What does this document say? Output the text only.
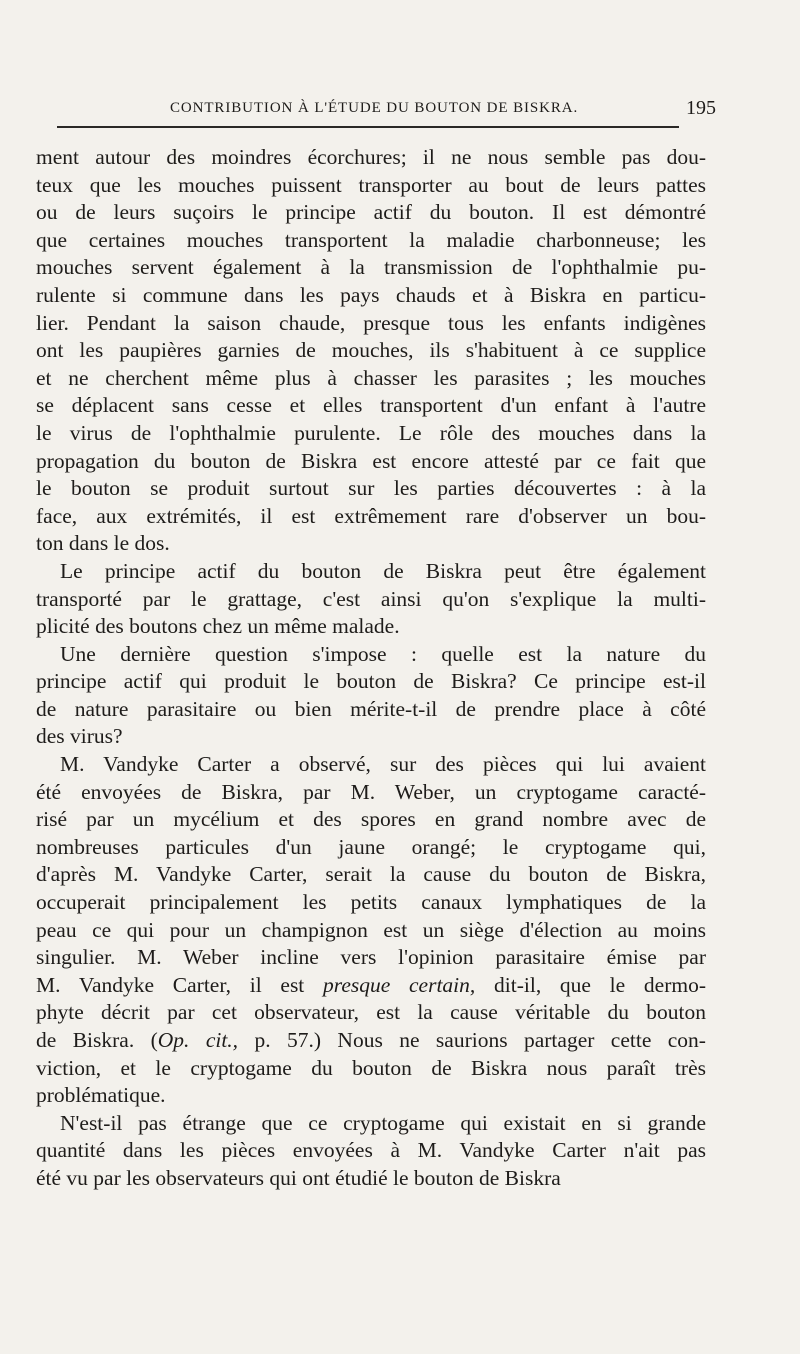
CONTRIBUTION À L'ÉTUDE DU BOUTON DE BISKRA.	195
ment autour des moindres écorchures; il ne nous semble pas dou-
teux que les mouches puissent transporter au bout de leurs pattes
ou de leurs suçoirs le principe actif du bouton. Il est démontré
que certaines mouches transportent la maladie charbonneuse; les
mouches servent également à la transmission de l'ophthalmie pu-
rulente si commune dans les pays chauds et à Biskra en particu-
lier. Pendant la saison chaude, presque tous les enfants indigènes
ont les paupières garnies de mouches, ils s'habituent à ce supplice
et ne cherchent même plus à chasser les parasites ; les mouches
se déplacent sans cesse et elles transportent d'un enfant à l'autre
le virus de l'ophthalmie purulente. Le rôle des mouches dans la
propagation du bouton de Biskra est encore attesté par ce fait que
le bouton se produit surtout sur les parties découvertes : à la
face, aux extrémités, il est extrêmement rare d'observer un bou-
ton dans le dos.
Le principe actif du bouton de Biskra peut être également
transporté par le grattage, c'est ainsi qu'on s'explique la multi-
plicité des boutons chez un même malade.
Une dernière question s'impose : quelle est la nature du
principe actif qui produit le bouton de Biskra? Ce principe est-il
de nature parasitaire ou bien mérite-t-il de prendre place à côté
des virus?
M. Vandyke Carter a observé, sur des pièces qui lui avaient
été envoyées de Biskra, par M. Weber, un cryptogame caracté-
risé par un mycélium et des spores en grand nombre avec de
nombreuses particules d'un jaune orangé; le cryptogame qui,
d'après M. Vandyke Carter, serait la cause du bouton de Biskra,
occuperait principalement les petits canaux lymphatiques de la
peau ce qui pour un champignon est un siège d'élection au moins
singulier. M. Weber incline vers l'opinion parasitaire émise par
M. Vandyke Carter, il est presque certain, dit-il, que le dermo-
phyte décrit par cet observateur, est la cause véritable du bouton
de Biskra. (Op. cit., p. 57.) Nous ne saurions partager cette con-
viction, et le cryptogame du bouton de Biskra nous paraît très
problématique.
N'est-il pas étrange que ce cryptogame qui existait en si grande
quantité dans les pièces envoyées à M. Vandyke Carter n'ait pas
été vu par les observateurs qui ont étudié le bouton de Biskra
